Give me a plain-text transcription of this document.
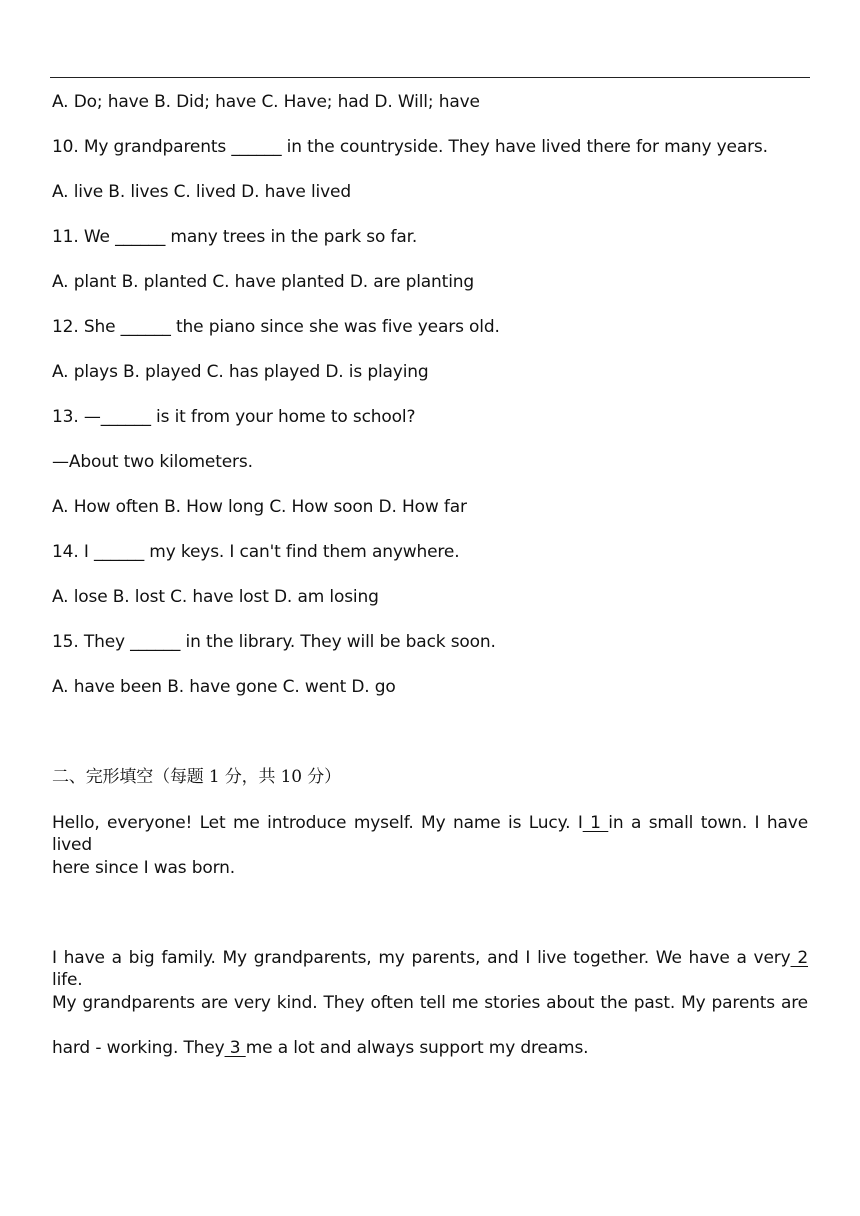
A. Do; have B. Did; have C. Have; had D. Will; have
10. My grandparents ______ in the countryside. They have lived there for many years.
A. live B. lives C. lived D. have lived
11. We ______ many trees in the park so far.
A. plant B. planted C. have planted D. are planting
12. She ______ the piano since she was five years old.
A. plays B. played C. has played D. is playing
13. —______ is it from your home to school?
—About two kilometers.
A. How often B. How long C. How soon D. How far
14. I ______ my keys. I can't find them anywhere.
A. lose B. lost C. have lost D. am losing
15. They ______ in the library. They will be back soon.
A. have been B. have gone C. went D. go
二、完形填空（每题 1 分，共 10 分）
Hello, everyone! Let me introduce myself. My name is Lucy. I 1 in a small town. I have lived
here since I was born.
I have a big family. My grandparents, my parents, and I live together. We have a very 2 life.
My grandparents are very kind. They often tell me stories about the past. My parents are
hard - working. They 3 me a lot and always support my dreams.
